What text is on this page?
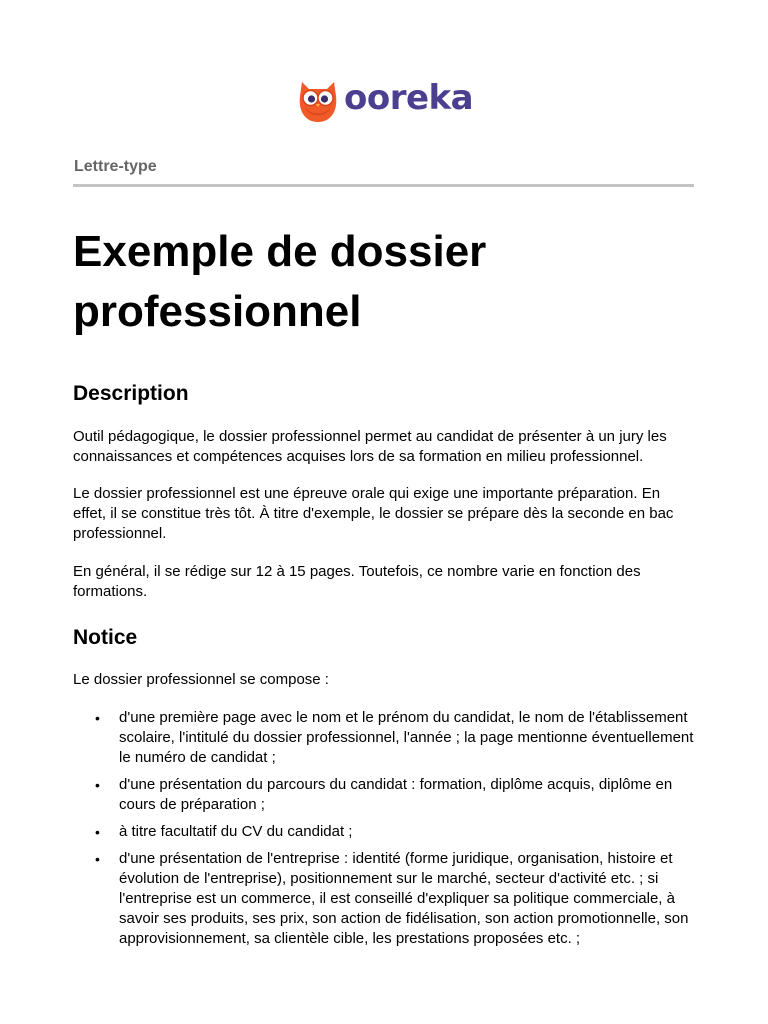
ooreka
Lettre-type
Exemple de dossier
professionnel
Description

Outil pédagogique, le dossier professionnel permet au candidat de présenter à un jury les connaissances et compétences acquises lors de sa formation en milieu professionnel.

Le dossier professionnel est une épreuve orale qui exige une importante préparation. En effet, il se constitue très tôt. À titre d'exemple, le dossier se prépare dès la seconde en bac professionnel.

En général, il se rédige sur 12 à 15 pages. Toutefois, ce nombre varie en fonction des formations.

Notice

Le dossier professionnel se compose :

• d'une première page avec le nom et le prénom du candidat, le nom de l'établissement scolaire, l'intitulé du dossier professionnel, l'année ; la page mentionne éventuellement le numéro de candidat ;
• d'une présentation du parcours du candidat : formation, diplôme acquis, diplôme en cours de préparation ;
• à titre facultatif du CV du candidat ;
• d'une présentation de l'entreprise : identité (forme juridique, organisation, histoire et évolution de l'entreprise), positionnement sur le marché, secteur d'activité etc. ; si l'entreprise est un commerce, il est conseillé d'expliquer sa politique commerciale, à savoir ses produits, ses prix, son action de fidélisation, son action promotionnelle, son approvisionnement, sa clientèle cible, les prestations proposées etc. ;
